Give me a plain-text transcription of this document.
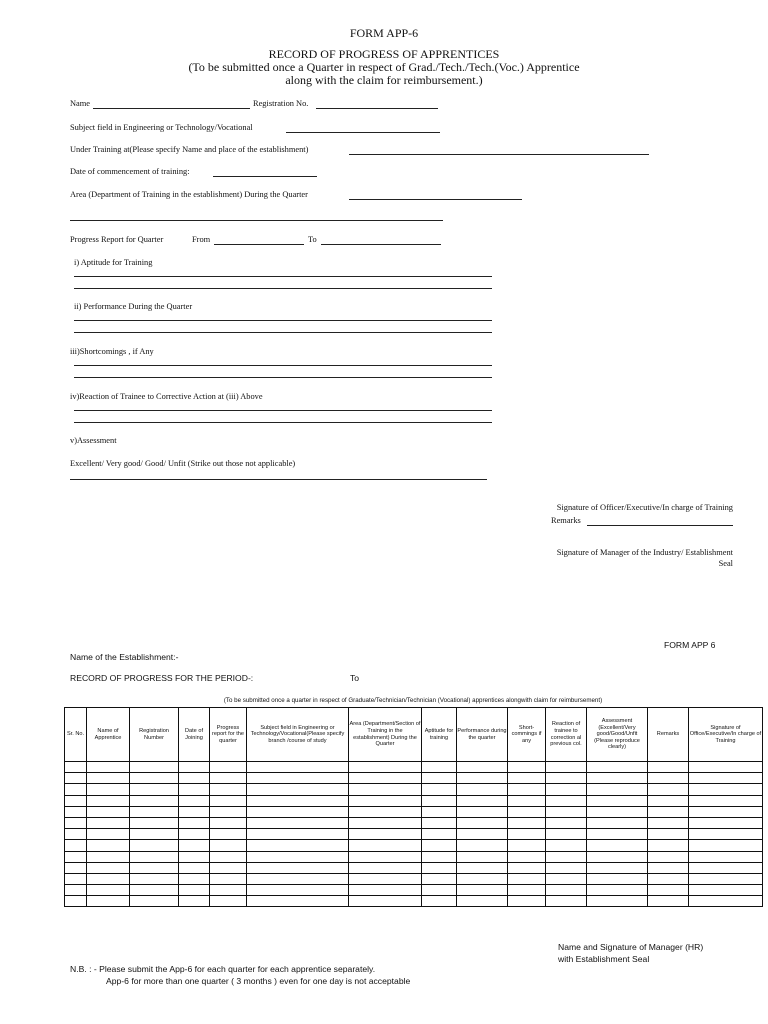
FORM APP-6
RECORD OF PROGRESS OF APPRENTICES
(To be submitted once a Quarter in respect of Grad./Tech./Tech.(Voc.) Apprentice
along with the claim for reimbursement.)
Name	Registration No.
Subject field in Engineering or Technology/Vocational
Under Training at(Please specify Name and place of the establishment)
Date of commencement of training:
Area (Department of Training in the establishment) During the Quarter
Progress Report for Quarter	From	To
i) Aptitude for Training
ii) Performance During the Quarter
iii)Shortcomings , if Any
iv)Reaction of Trainee to Corrective Action at (iii) Above
v)Assessment
Excellent/ Very good/ Good/ Unfit (Strike out those not applicable)
Signature of Officer/Executive/In charge of Training
Remarks
Signature of Manager of the Industry/ Establishment
Seal
FORM APP 6
Name of the Establishment:-
RECORD OF PROGRESS FOR THE PERIOD-:	To
(To be submitted once a quarter in respect of Graduate/Technician/Technician (Vocational) apprentices alongwith claim for reimbursement)
Sr. No.	Name of Apprentice	Registration Number	Date of Joining	Progress report for the quarter	Subject field in Engineering or Technology/Vocational(Please specify branch /course of study	Area (Department/Section of Training in the establishment) During the Quarter	Aptitude for training	Performance during the quarter	Short-commings if any	Reaction of trainee to correction al previous col.	Assessment (Excellent/Very good/Good/Unfit (Please reproduce clearly)	Remarks	Signature of Office/Executive/In charge of Training

Name and Signature of Manager (HR)
with Establishment Seal
N.B. : - Please submit the App-6 for each quarter for each apprentice separately.
App-6 for more than one quarter ( 3 months ) even for one day is not acceptable
